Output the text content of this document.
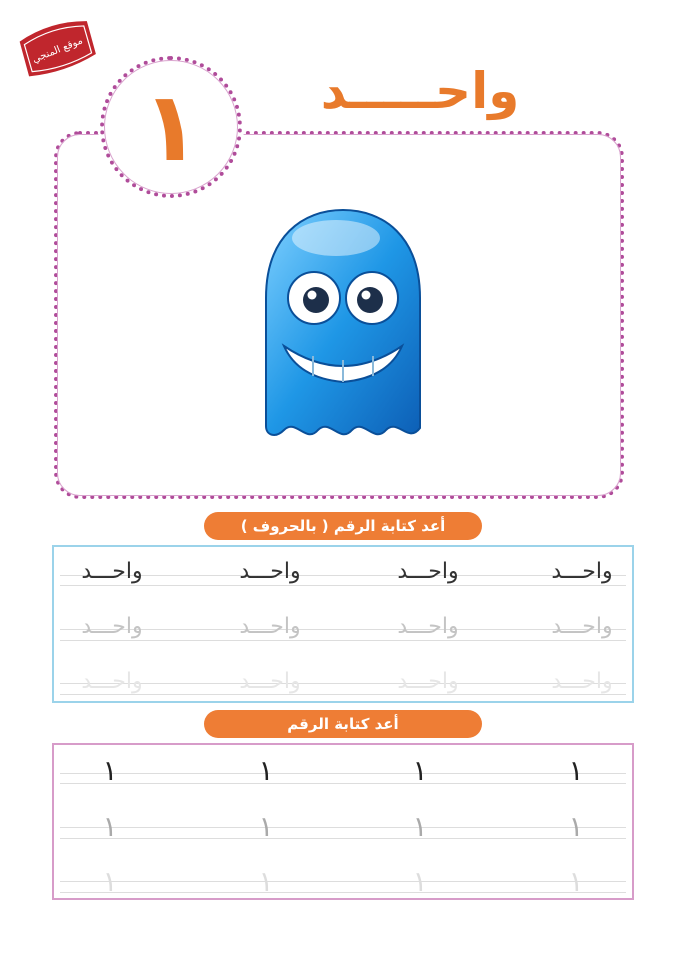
موقع المنجي
١	واحـــــد
أعد كتابة الرقم ( بالحروف )
واحـــد
واحـــد
واحـــد
واحـــد
واحـــد
واحـــد
واحـــد
واحـــد
واحـــد
واحـــد
واحـــد
واحـــد
أعد كتابة الرقم
١
١
١
١
١
١
١
١
١
١
١
١
